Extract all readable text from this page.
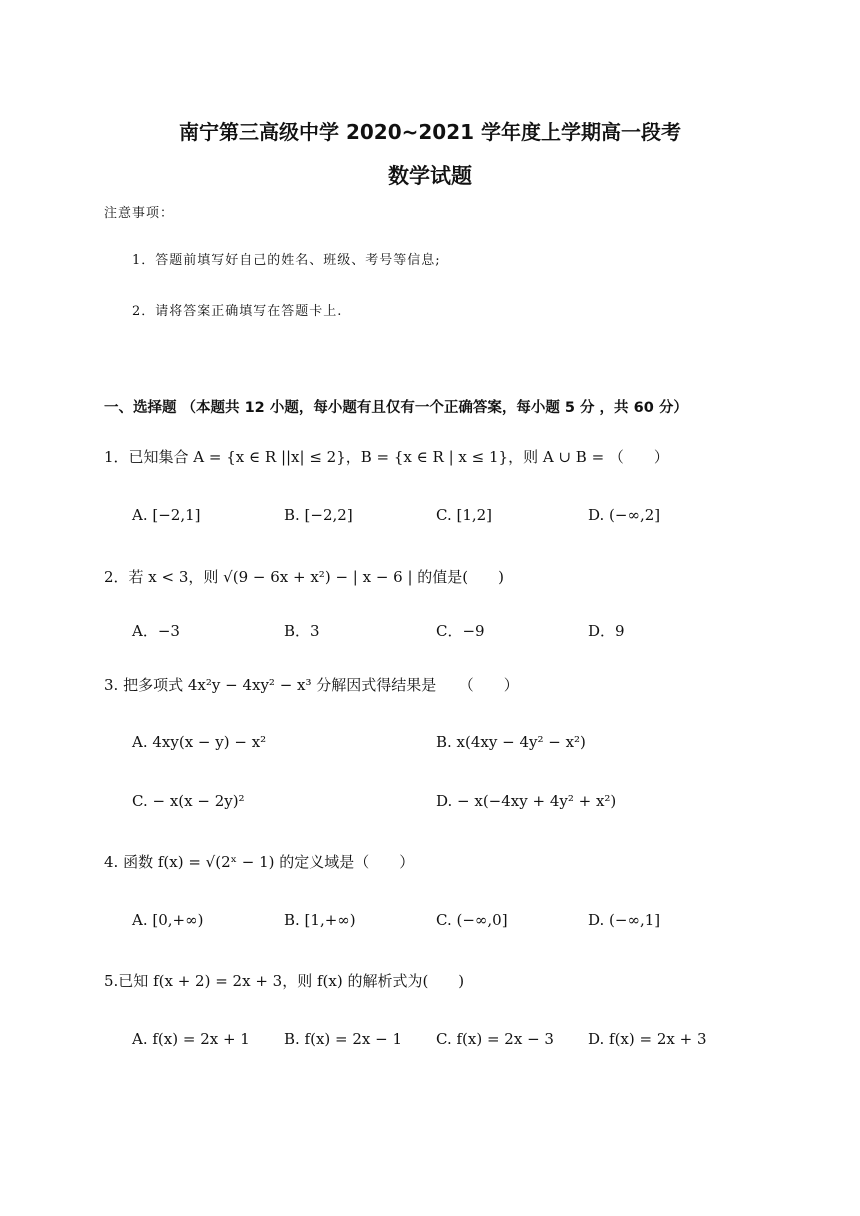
南宁第三高级中学 2020~2021 学年度上学期高一段考
数学试题
注意事项：
1．答题前填写好自己的姓名、班级、考号等信息;
2．请将答案正确填写在答题卡上.
一、选择题 （本题共 12 小题，每小题有且仅有一个正确答案，每小题 5 分 ，共 60 分）
1．已知集合 A = {x ∈ R ||x| ≤ 2}，B = {x ∈ R | x ≤ 1}，则 A ∪ B = （　　）
A. [−2,1]	B. [−2,2]	C. [1,2]	D. (−∞,2]
2．若 x < 3，则 √(9 − 6x + x²) − | x − 6 | 的值是(　　)
A．−3	B．3	C．−9	D．9
3. 把多项式 4x²y − 4xy² − x³ 分解因式得结果是　　（　　）
A. 4xy(x − y) − x²	B. x(4xy − 4y² − x²)
C. − x(x − 2y)²	D. − x(−4xy + 4y² + x²)
4. 函数 f(x) = √(2ˣ − 1) 的定义域是（　　）
A. [0,+∞)	B. [1,+∞)	C. (−∞,0]	D. (−∞,1]
5.已知 f(x + 2) = 2x + 3，则 f(x) 的解析式为(　　)
A. f(x) = 2x + 1 B. f(x) = 2x − 1 C. f(x) = 2x − 3 D. f(x) = 2x + 3
